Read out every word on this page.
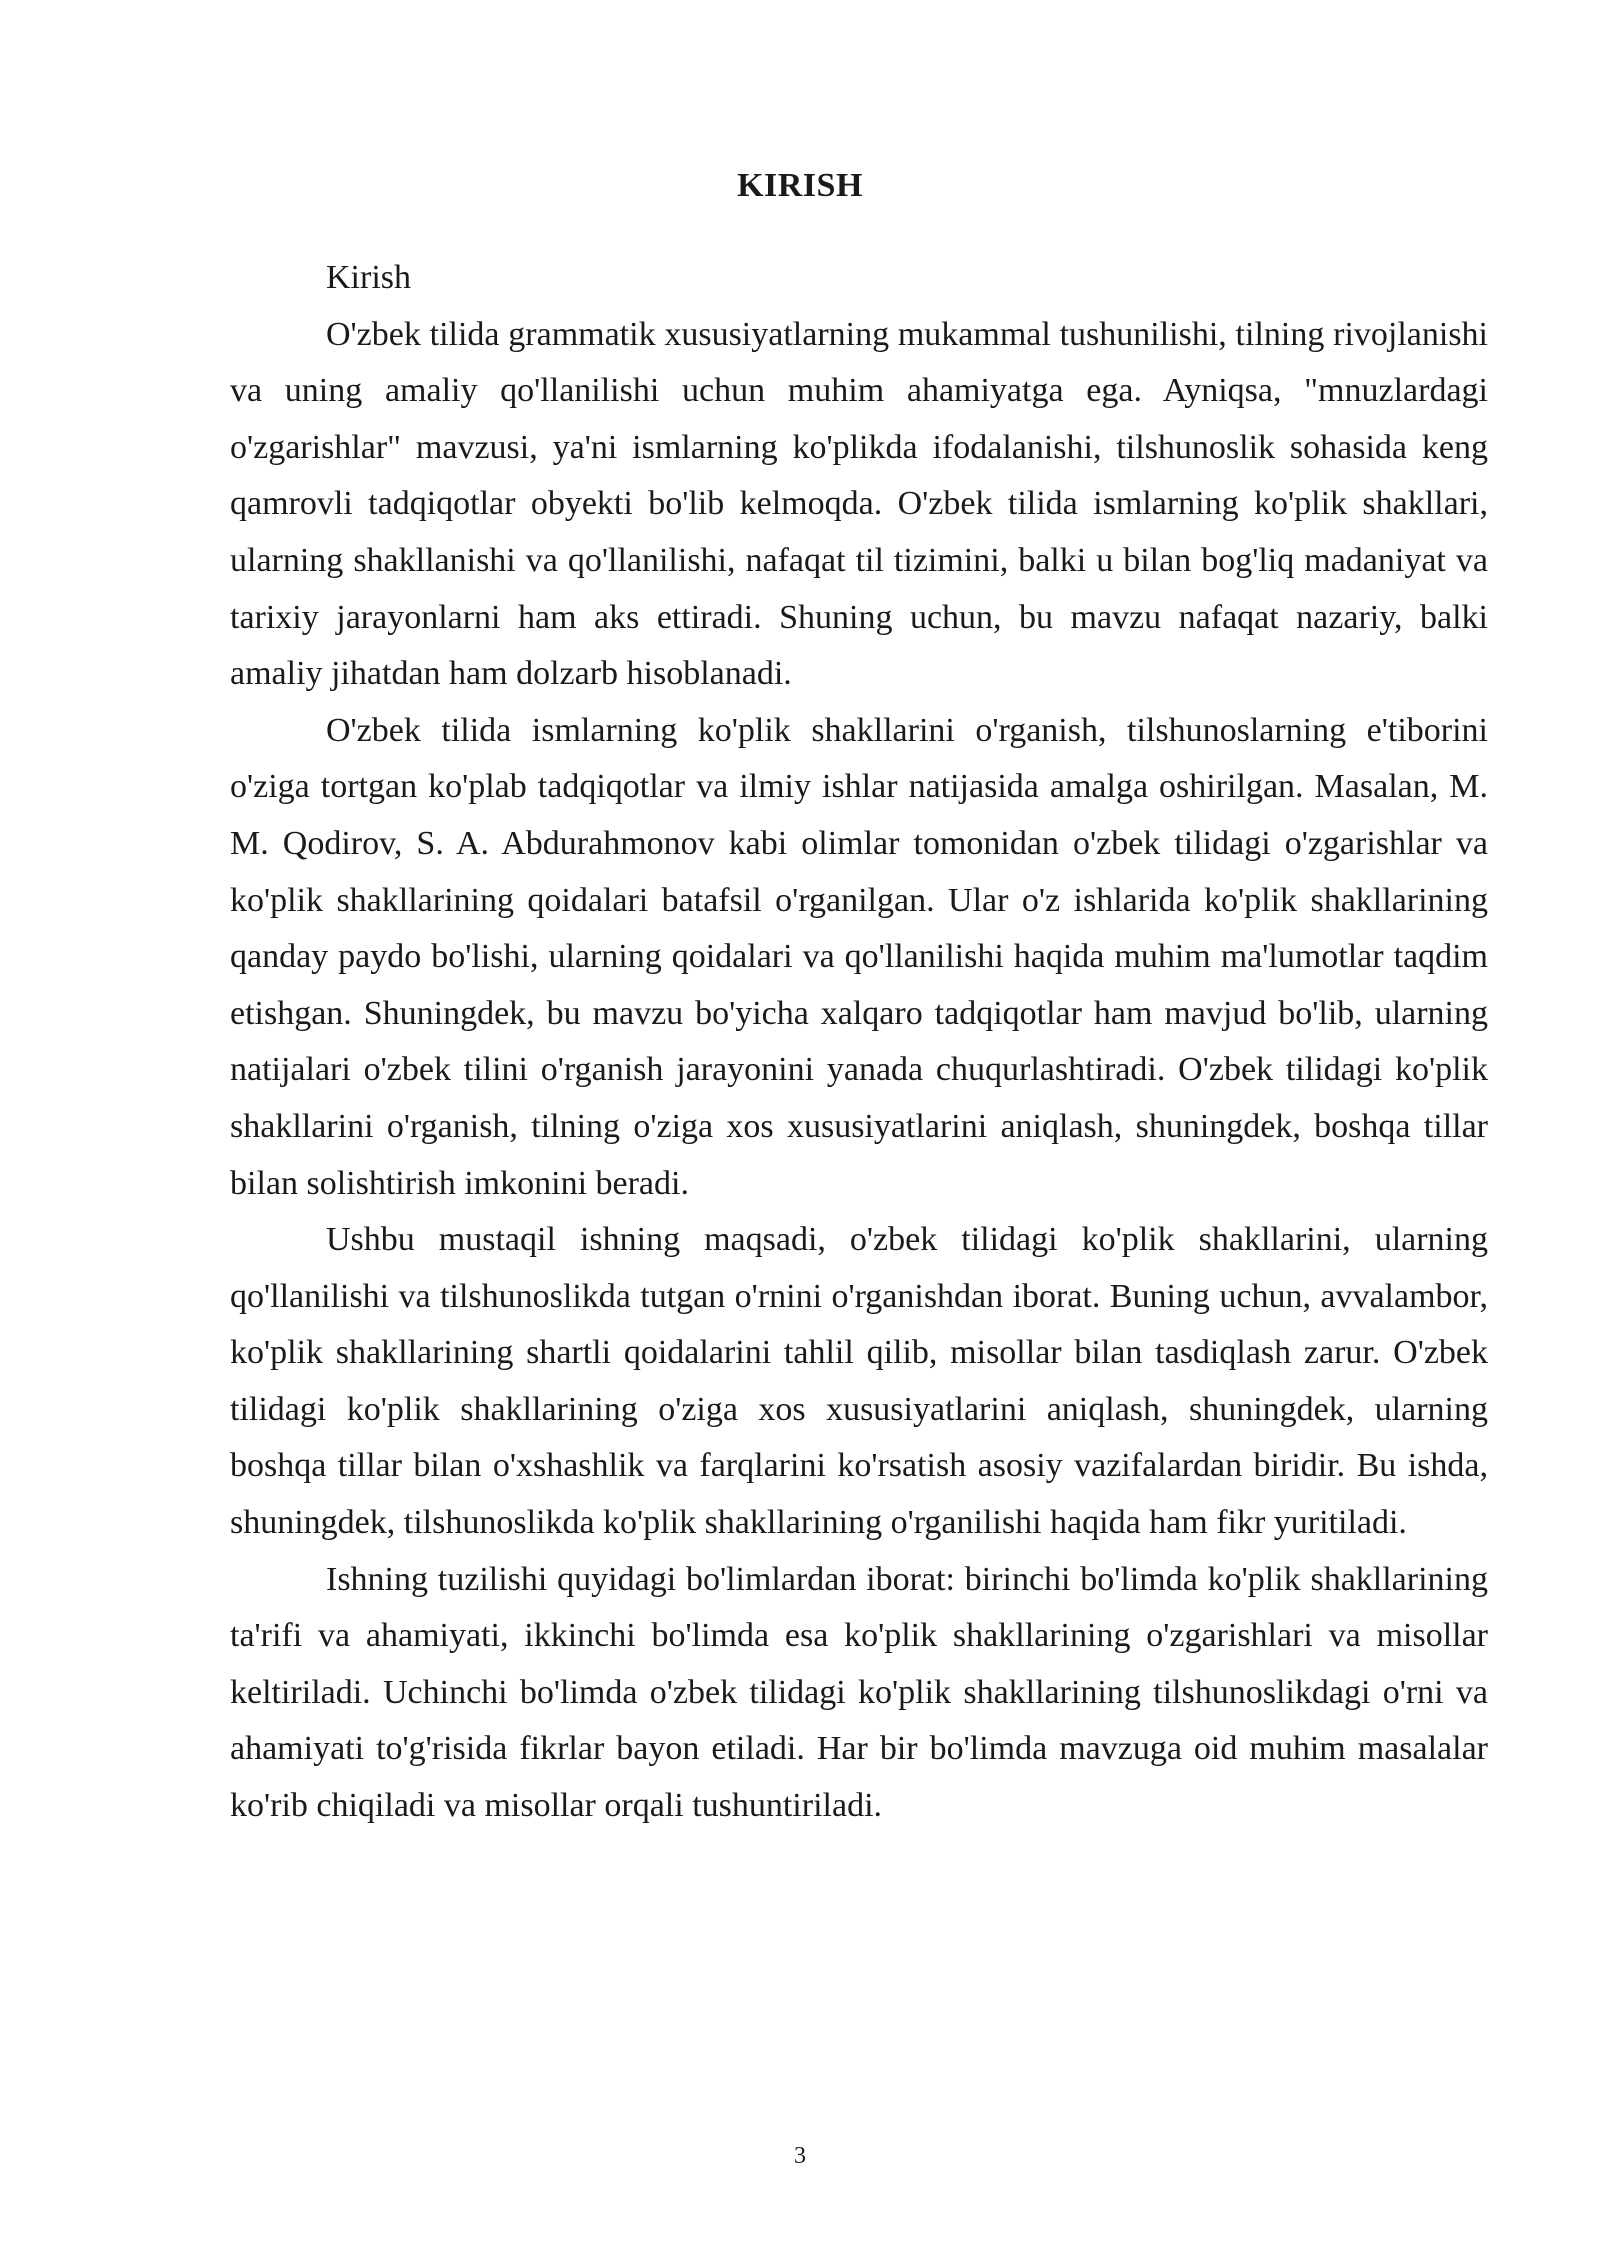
KIRISH

Kirish

O'zbek tilida grammatik xususiyatlarning mukammal tushunilishi, tilning rivojlanishi va uning amaliy qo'llanilishi uchun muhim ahamiyatga ega. Ayniqsa, "mnuzlardagi o'zgarishlar" mavzusi, ya'ni ismlarning ko'plikda ifodalanishi, tilshunoslik sohasida keng qamrovli tadqiqotlar obyekti bo'lib kelmoqda. O'zbek tilida ismlarning ko'plik shakllari, ularning shakllanishi va qo'llanilishi, nafaqat til tizimini, balki u bilan bog'liq madaniyat va tarixiy jarayonlarni ham aks ettiradi. Shuning uchun, bu mavzu nafaqat nazariy, balki amaliy jihatdan ham dolzarb hisoblanadi.

O'zbek tilida ismlarning ko'plik shakllarini o'rganish, tilshunoslarning e'tiborini o'ziga tortgan ko'plab tadqiqotlar va ilmiy ishlar natijasida amalga oshirilgan. Masalan, M. M. Qodirov, S. A. Abdurahmonov kabi olimlar tomonidan o'zbek tilidagi o'zgarishlar va ko'plik shakllarining qoidalari batafsil o'rganilgan. Ular o'z ishlarida ko'plik shakllarining qanday paydo bo'lishi, ularning qoidalari va qo'llanilishi haqida muhim ma'lumotlar taqdim etishgan. Shuningdek, bu mavzu bo'yicha xalqaro tadqiqotlar ham mavjud bo'lib, ularning natijalari o'zbek tilini o'rganish jarayonini yanada chuqurlashtiradi. O'zbek tilidagi ko'plik shakllarini o'rganish, tilning o'ziga xos xususiyatlarini aniqlash, shuningdek, boshqa tillar bilan solishtirish imkonini beradi.

Ushbu mustaqil ishning maqsadi, o'zbek tilidagi ko'plik shakllarini, ularning qo'llanilishi va tilshunoslikda tutgan o'rnini o'rganishdan iborat. Buning uchun, avvalambor, ko'plik shakllarining shartli qoidalarini tahlil qilib, misollar bilan tasdiqlash zarur. O'zbek tilidagi ko'plik shakllarining o'ziga xos xususiyatlarini aniqlash, shuningdek, ularning boshqa tillar bilan o'xshashlik va farqlarini ko'rsatish asosiy vazifalardan biridir. Bu ishda, shuningdek, tilshunoslikda ko'plik shakllarining o'rganilishi haqida ham fikr yuritiladi.

Ishning tuzilishi quyidagi bo'limlardan iborat: birinchi bo'limda ko'plik shakllarining ta'rifi va ahamiyati, ikkinchi bo'limda esa ko'plik shakllarining o'zgarishlari va misollar keltiriladi. Uchinchi bo'limda o'zbek tilidagi ko'plik shakllarining tilshunoslikdagi o'rni va ahamiyati to'g'risida fikrlar bayon etiladi. Har bir bo'limda mavzuga oid muhim masalalar ko'rib chiqiladi va misollar orqali tushuntiriladi.

3
